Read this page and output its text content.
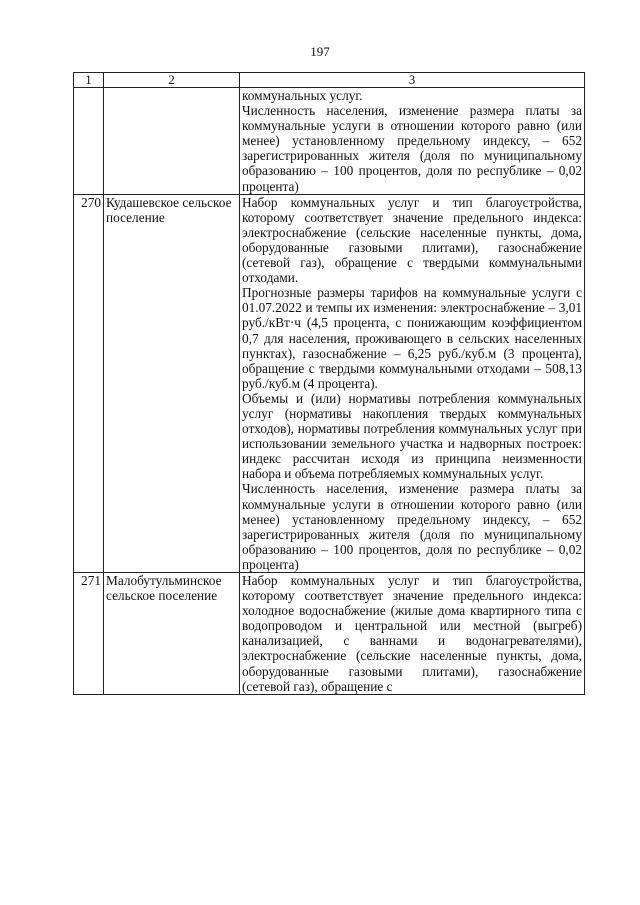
197
1	2	3

		коммунальных услуг.

Численность населения, изменение размера платы за коммунальные услуги в отношении которого равно (или менее) установленному предельному индексу, – 652 зарегистрированных жителя (доля по муниципальному образованию – 100 процентов, доля по республике – 0,02 процента)

270	Кудашевское сельское поселение	Набор коммунальных услуг и тип благоустройства, которому соответствует значение предельного индекса: электроснабжение (сельские населенные пункты, дома, оборудованные газовыми плитами), газоснабжение (сетевой газ), обращение с твердыми коммунальными отходами.

Прогнозные размеры тарифов на коммунальные услуги с 01.07.2022 и темпы их изменения: электроснабжение – 3,01 руб./кВт·ч (4,5 процента, с понижающим коэффициентом 0,7 для населения, проживающего в сельских населенных пунктах), газоснабжение – 6,25 руб./куб.м (3 процента), обращение с твердыми коммунальными отходами – 508,13 руб./куб.м (4 процента).

Объемы и (или) нормативы потребления коммунальных услуг (нормативы накопления твердых коммунальных отходов), нормативы потребления коммунальных услуг при использовании земельного участка и надворных построек: индекс рассчитан исходя из принципа неизменности набора и объема потребляемых коммунальных услуг.

Численность населения, изменение размера платы за коммунальные услуги в отношении которого равно (или менее) установленному предельному индексу, – 652 зарегистрированных жителя (доля по муниципальному образованию – 100 процентов, доля по республике – 0,02 процента)

271	Малобутульминское сельское поселение	Набор коммунальных услуг и тип благоустройства, которому соответствует значение предельного индекса: холодное водоснабжение (жилые дома квартирного типа с водопроводом и центральной или местной (выгреб) канализацией, с ваннами и водонагревателями), электроснабжение (сельские населенные пункты, дома, оборудованные газовыми плитами), газоснабжение (сетевой газ), обращение с
